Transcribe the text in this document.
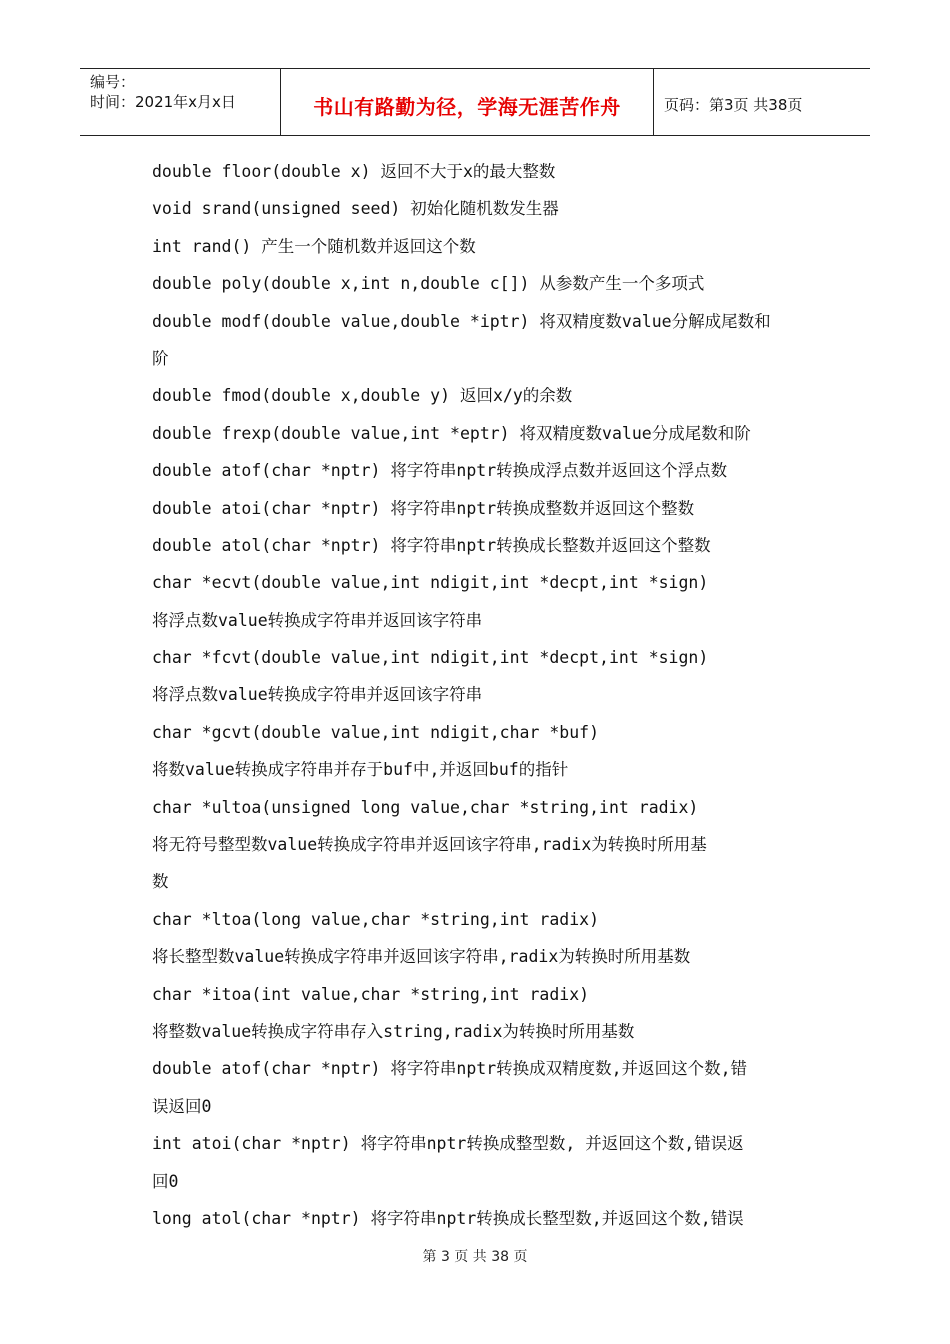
编号：
时间：2021年x月x日	书山有路勤为径，学海无涯苦作舟	页码：第3页 共38页
double floor(double x) 返回不大于x的最大整数
void srand(unsigned seed) 初始化随机数发生器
int rand() 产生一个随机数并返回这个数
double poly(double x,int n,double c[]) 从参数产生一个多项式
double modf(double value,double *iptr) 将双精度数value分解成尾数和
阶
double fmod(double x,double y) 返回x/y的余数
double frexp(double value,int *eptr) 将双精度数value分成尾数和阶
double atof(char *nptr) 将字符串nptr转换成浮点数并返回这个浮点数
double atoi(char *nptr) 将字符串nptr转换成整数并返回这个整数
double atol(char *nptr) 将字符串nptr转换成长整数并返回这个整数
char *ecvt(double value,int ndigit,int *decpt,int *sign)
将浮点数value转换成字符串并返回该字符串
char *fcvt(double value,int ndigit,int *decpt,int *sign)
将浮点数value转换成字符串并返回该字符串
char *gcvt(double value,int ndigit,char *buf)
将数value转换成字符串并存于buf中,并返回buf的指针
char *ultoa(unsigned long value,char *string,int radix)
将无符号整型数value转换成字符串并返回该字符串,radix为转换时所用基
数
char *ltoa(long value,char *string,int radix)
将长整型数value转换成字符串并返回该字符串,radix为转换时所用基数
char *itoa(int value,char *string,int radix)
将整数value转换成字符串存入string,radix为转换时所用基数
double atof(char *nptr) 将字符串nptr转换成双精度数,并返回这个数,错
误返回0
int atoi(char *nptr) 将字符串nptr转换成整型数, 并返回这个数,错误返
回0
long atol(char *nptr) 将字符串nptr转换成长整型数,并返回这个数,错误
第 3 页 共 38 页
